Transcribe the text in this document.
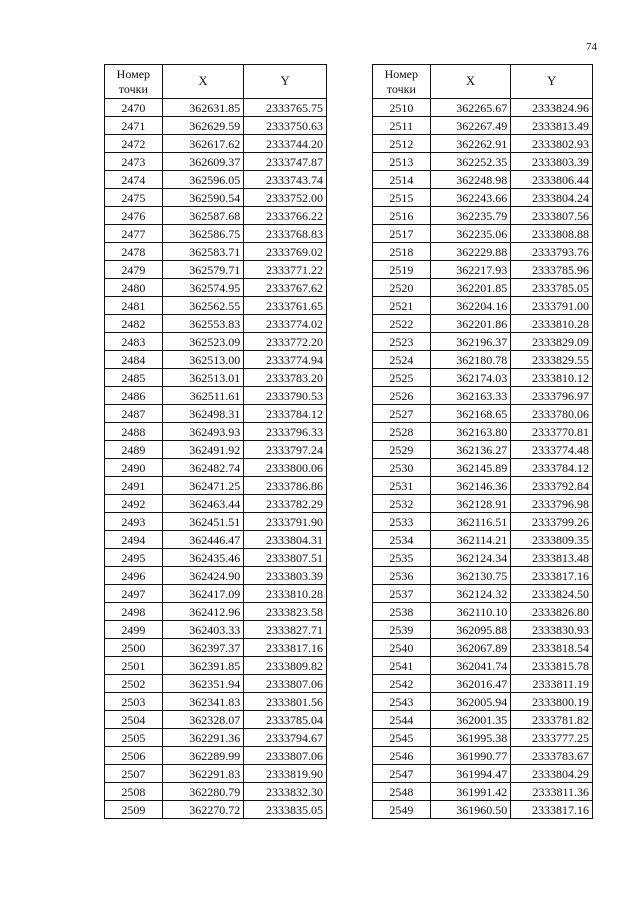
74
Номер
точки	X	Y
2470	362631.85	2333765.75
2471	362629.59	2333750.63
2472	362617.62	2333744.20
2473	362609.37	2333747.87
2474	362596.05	2333743.74
2475	362590.54	2333752.00
2476	362587.68	2333766.22
2477	362586.75	2333768.83
2478	362583.71	2333769.02
2479	362579.71	2333771.22
2480	362574.95	2333767.62
2481	362562.55	2333761.65
2482	362553.83	2333774.02
2483	362523.09	2333772.20
2484	362513.00	2333774.94
2485	362513.01	2333783.20
2486	362511.61	2333790.53
2487	362498.31	2333784.12
2488	362493.93	2333796.33
2489	362491.92	2333797.24
2490	362482.74	2333800.06
2491	362471.25	2333786.86
2492	362463.44	2333782.29
2493	362451.51	2333791.90
2494	362446.47	2333804.31
2495	362435.46	2333807.51
2496	362424.90	2333803.39
2497	362417.09	2333810.28
2498	362412.96	2333823.58
2499	362403.33	2333827.71
2500	362397.37	2333817.16
2501	362391.85	2333809.82
2502	362351.94	2333807.06
2503	362341.83	2333801.56
2504	362328.07	2333785.04
2505	362291.36	2333794.67
2506	362289.99	2333807.06
2507	362291.83	2333819.90
2508	362280.79	2333832.30
2509	362270.72	2333835.05
Номер
точки	X	Y
2510	362265.67	2333824.96
2511	362267.49	2333813.49
2512	362262.91	2333802.93
2513	362252.35	2333803.39
2514	362248.98	2333806.44
2515	362243.66	2333804.24
2516	362235.79	2333807.56
2517	362235.06	2333808.88
2518	362229.88	2333793.76
2519	362217.93	2333785.96
2520	362201.85	2333785.05
2521	362204.16	2333791.00
2522	362201.86	2333810.28
2523	362196.37	2333829.09
2524	362180.78	2333829.55
2525	362174.03	2333810.12
2526	362163.33	2333796.97
2527	362168.65	2333780.06
2528	362163.80	2333770.81
2529	362136.27	2333774.48
2530	362145.89	2333784.12
2531	362146.36	2333792.84
2532	362128.91	2333796.98
2533	362116.51	2333799.26
2534	362114.21	2333809.35
2535	362124.34	2333813.48
2536	362130.75	2333817.16
2537	362124.32	2333824.50
2538	362110.10	2333826.80
2539	362095.88	2333830.93
2540	362067.89	2333818.54
2541	362041.74	2333815.78
2542	362016.47	2333811.19
2543	362005.94	2333800.19
2544	362001.35	2333781.82
2545	361995.38	2333777.25
2546	361990.77	2333783.67
2547	361994.47	2333804.29
2548	361991.42	2333811.36
2549	361960.50	2333817.16
